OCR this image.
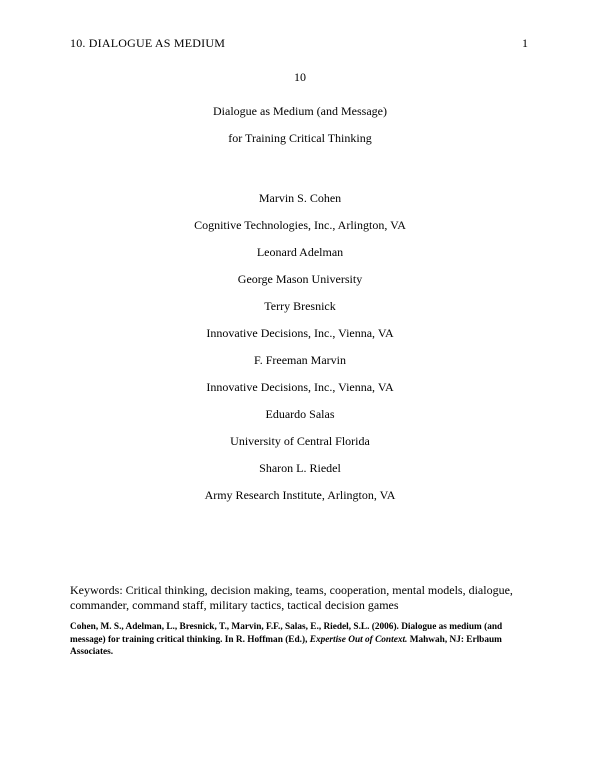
10. DIALOGUE AS MEDIUM	1
10
Dialogue as Medium (and Message)
for Training Critical Thinking
Marvin S. Cohen
Cognitive Technologies, Inc., Arlington, VA
Leonard Adelman
George Mason University
Terry Bresnick
Innovative Decisions, Inc., Vienna, VA
F. Freeman Marvin
Innovative Decisions, Inc., Vienna, VA
Eduardo Salas
University of Central Florida
Sharon L. Riedel
Army Research Institute, Arlington, VA
Keywords: Critical thinking, decision making, teams, cooperation, mental models, dialogue, commander, command staff, military tactics, tactical decision games
Cohen, M. S., Adelman, L., Bresnick, T., Marvin, F.F., Salas, E., Riedel, S.L. (2006). Dialogue as medium (and message) for training critical thinking. In R. Hoffman (Ed.), Expertise Out of Context. Mahwah, NJ: Erlbaum Associates.
